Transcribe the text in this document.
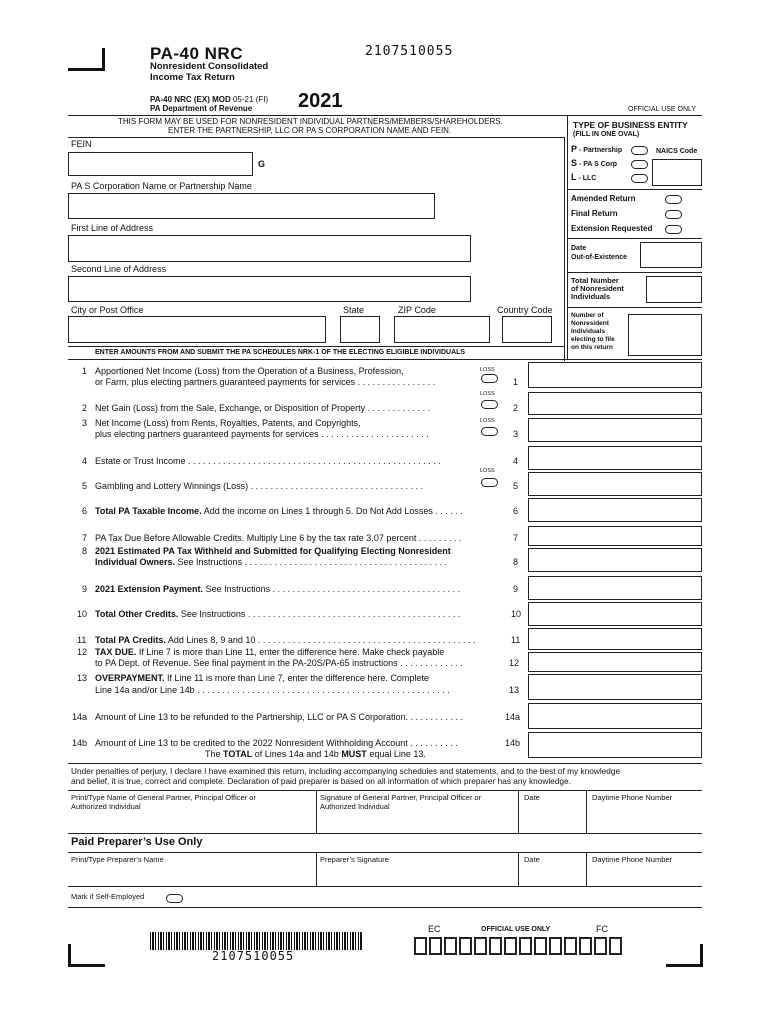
PA-40 NRC
Nonresident Consolidated
Income Tax Return
2107510055
PA-40 NRC (EX) MOD 05-21 (FI)
PA Department of Revenue 2021	OFFICIAL USE ONLY
THIS FORM MAY BE USED FOR NONRESIDENT INDIVIDUAL PARTNERS/MEMBERS/SHAREHOLDERS.
ENTER THE PARTNERSHIP, LLC OR PA S CORPORATION NAME AND FEIN.
FEIN
G
PA S Corporation Name or Partnership Name
First Line of Address
Second Line of Address
City or Post Office	State	ZIP Code	Country Code
ENTER AMOUNTS FROM AND SUBMIT THE PA SCHEDULES NRK-1 OF THE ELECTING ELIGIBLE INDIVIDUALS
TYPE OF BUSINESS ENTITY
(FILL IN ONE OVAL)
P - Partnership
S - PA S Corp
L - LLC
NAICS Code
Amended Return
Final Return
Extension Requested
Date
Out-of-Existence
Total Number
of Nonresident
Individuals
Number of
Nonresident
Individuals
electing to file
on this return
1 Apportioned Net Income (Loss) from the Operation of a Business, Profession,
or Farm, plus electing partners guaranteed payments for services . . . . . . . . . . . . . . . .
LOSS
1
LOSS
2 Net Gain (Loss) from the Sale, Exchange, or Disposition of Property . . . . . . . . . . . . .	2
3 Net Income (Loss) from Rents, Royalties, Patents, and Copyrights,
plus electing partners guaranteed payments for services . . . . . . . . . . . . . . . . . . . . . .
LOSS
3
4 Estate or Trust Income . . . . . . . . . . . . . . . . . . . . . . . . . . . . . . . . . . . . . . . . . . . . . . . . . . .	4
LOSS
5 Gambling and Lottery Winnings (Loss) . . . . . . . . . . . . . . . . . . . . . . . . . . . . . . . . . . .	5
6 Total PA Taxable Income. Add the income on Lines 1 through 5. Do Not Add Losses . . . . . .	6
7 PA Tax Due Before Allowable Credits. Multiply Line 6 by the tax rate 3.07 percent . . . . . . . . .	7
8 2021 Estimated PA Tax Withheld and Submitted for Qualifying Electing Nonresident
Individual Owners. See Instructions . . . . . . . . . . . . . . . . . . . . . . . . . . . . . . . . . . . . . . . . .	8
9 2021 Extension Payment. See Instructions . . . . . . . . . . . . . . . . . . . . . . . . . . . . . . . . . . . . . .	9
10 Total Other Credits. See Instructions . . . . . . . . . . . . . . . . . . . . . . . . . . . . . . . . . . . . . . . . . . .	10
11 Total PA Credits. Add Lines 8, 9 and 10 . . . . . . . . . . . . . . . . . . . . . . . . . . . . . . . . . . . . . . . . . . . .	11
12 TAX DUE. If Line 7 is more than Line 11, enter the difference here. Make check payable
to PA Dept. of Revenue. See final payment in the PA-20S/PA-65 instructions . . . . . . . . . . . . .	12
13 OVERPAYMENT. If Line 11 is more than Line 7, enter the difference here. Complete
Line 14a and/or Line 14b . . . . . . . . . . . . . . . . . . . . . . . . . . . . . . . . . . . . . . . . . . . . . . . . . . .	13
14a Amount of Line 13 to be refunded to the Partnership, LLC or PA S Corporation. . . . . . . . . . . .	14a
14b Amount of Line 13 to be credited to the 2022 Nonresident Withholding Account . . . . . . . . . .	14b
The TOTAL of Lines 14a and 14b MUST equal Line 13.
Under penalties of perjury, I declare I have examined this return, including accompanying schedules and statements, and to the best of my knowledge
and belief, it is true, correct and complete. Declaration of paid preparer is based on all information of which preparer has any knowledge.
Print/Type Name of General Partner, Principal Officer or
Authorized Individual
Signature of General Partner, Principal Officer or
Authorized Individual
Date	Daytime Phone Number
Paid Preparer’s Use Only
Print/Type Preparer’s Name	Preparer’s Signature	Date	Daytime Phone Number
Mark if Self-Employed
2107510055
EC	OFFICIAL USE ONLY	FC
